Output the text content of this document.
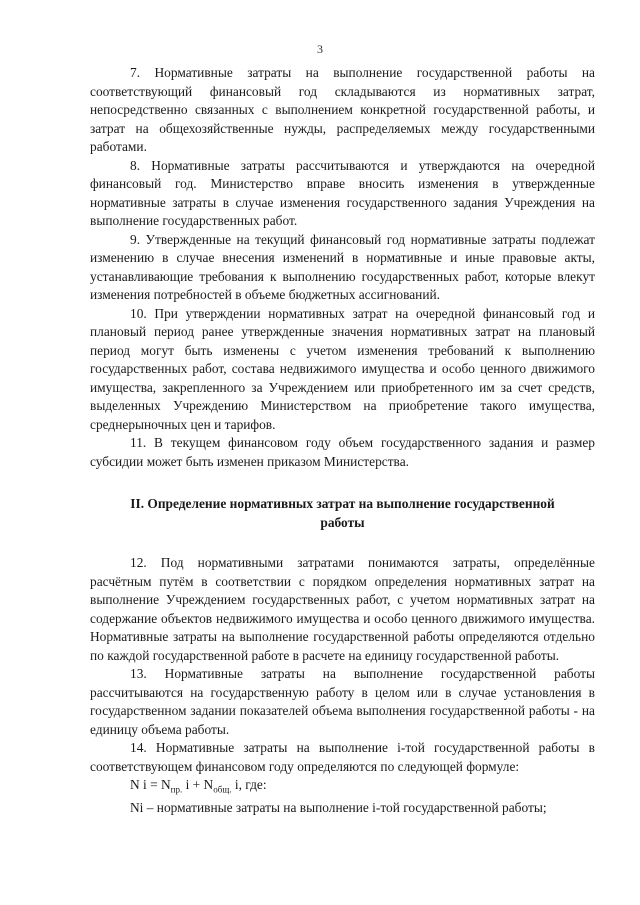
3

7. Нормативные затраты на выполнение государственной работы на соответствующий финансовый год складываются из нормативных затрат, непосредственно связанных с выполнением конкретной государственной работы, и затрат на общехозяйственные нужды, распределяемых между государственными работами.

8. Нормативные затраты рассчитываются и утверждаются на очередной финансовый год. Министерство вправе вносить изменения в утвержденные нормативные затраты в случае изменения государственного задания Учреждения на выполнение государственных работ.

9. Утвержденные на текущий финансовый год нормативные затраты подлежат изменению в случае внесения изменений в нормативные и иные правовые акты, устанавливающие требования к выполнению государственных работ, которые влекут изменения потребностей в объеме бюджетных ассигнований.

10. При утверждении нормативных затрат на очередной финансовый год и плановый период ранее утвержденные значения нормативных затрат на плановый период могут быть изменены с учетом изменения требований к выполнению государственных работ, состава недвижимого имущества и особо ценного движимого имущества, закрепленного за Учреждением или приобретенного им за счет средств, выделенных Учреждению Министерством на приобретение такого имущества, среднерыночных цен и тарифов.

11. В текущем финансовом году объем государственного задания и размер субсидии может быть изменен приказом Министерства.

II. Определение нормативных затрат на выполнение государственной работы

12. Под нормативными затратами понимаются затраты, определённые расчётным путём в соответствии с порядком определения нормативных затрат на выполнение Учреждением государственных работ, с учетом нормативных затрат на содержание объектов недвижимого имущества и особо ценного движимого имущества. Нормативные затраты на выполнение государственной работы определяются отдельно по каждой государственной работе в расчете на единицу государственной работы.

13. Нормативные затраты на выполнение государственной работы рассчитываются на государственную работу в целом или в случае установления в государственном задании показателей объема выполнения государственной работы - на единицу объема работы.

14. Нормативные затраты на выполнение i-той государственной работы в соответствующем финансовом году определяются по следующей формуле:

N $i = N_{пр.}$ $i + N_{общ.}$ i, где:

Ni – нормативные затраты на выполнение i-той государственной работы;
